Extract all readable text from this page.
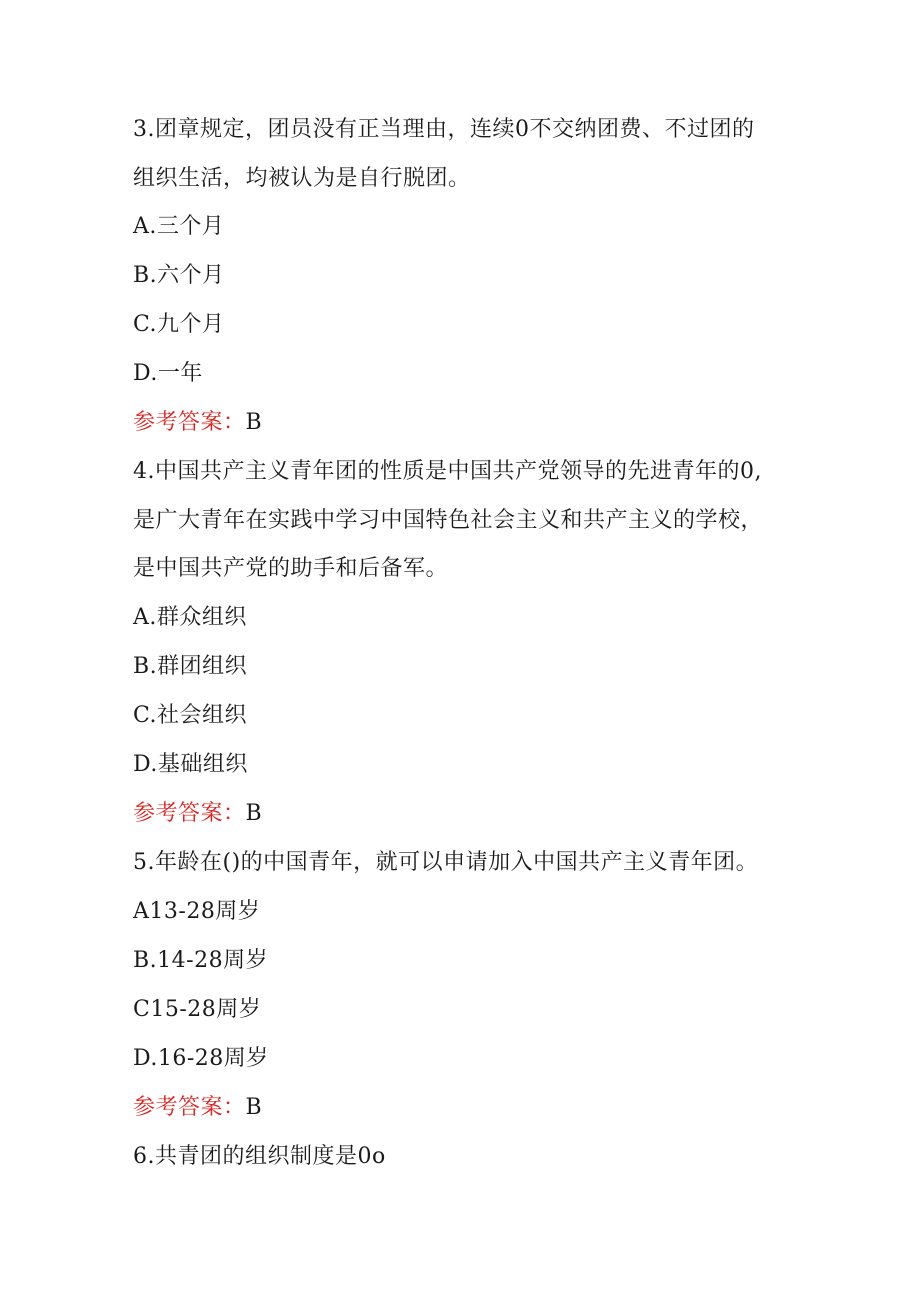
3.团章规定，团员没有正当理由，连续0不交纳团费、不过团的

组织生活，均被认为是自行脱团。

A.三个月

B.六个月

C.九个月

D.一年

参考答案：B

4.中国共产主义青年团的性质是中国共产党领导的先进青年的0,

是广大青年在实践中学习中国特色社会主义和共产主义的学校，

是中国共产党的助手和后备军。

A.群众组织

B.群团组织

C.社会组织

D.基础组织

参考答案：B

5.年龄在()的中国青年，就可以申请加入中国共产主义青年团。

A13-28周岁

B.14-28周岁

C15-28周岁

D.16-28周岁

参考答案：B

6.共青团的组织制度是0o
